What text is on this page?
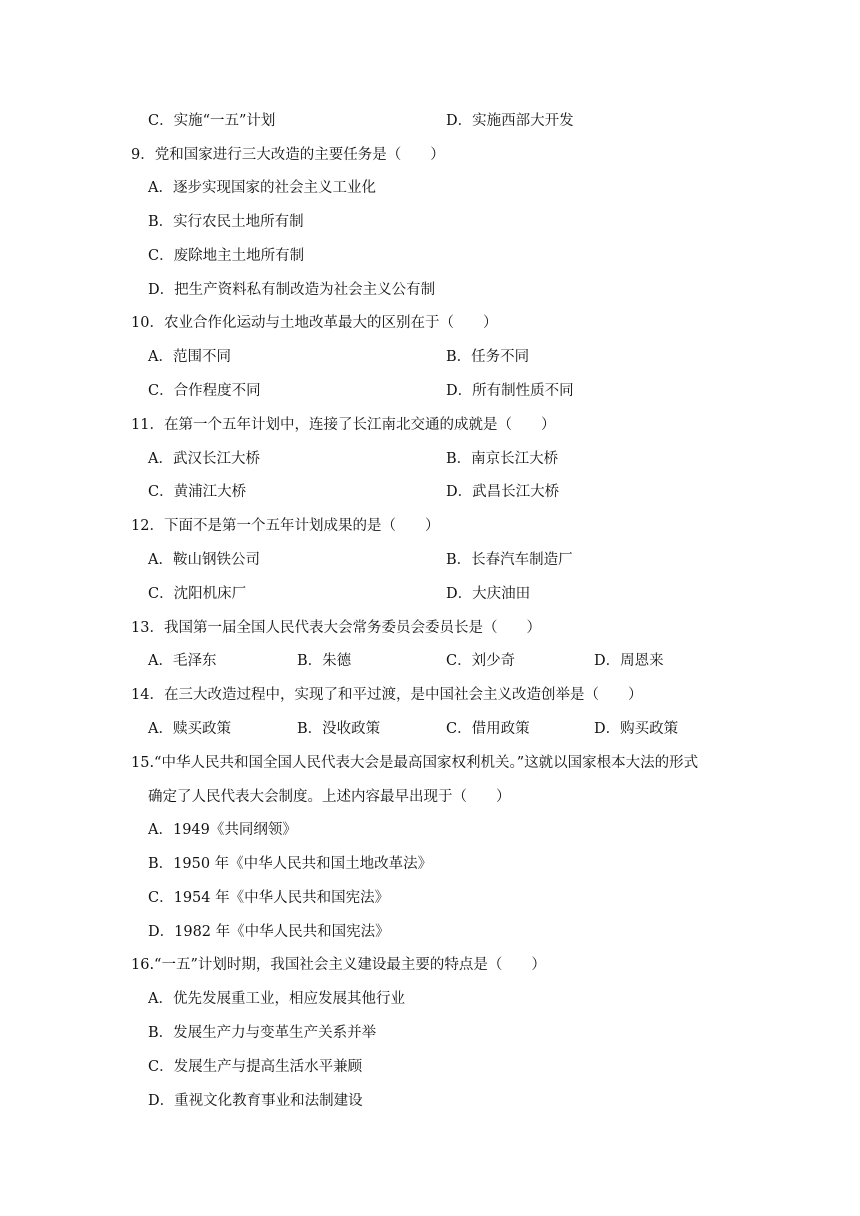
C．实施“一五”计划	D．实施西部大开发
9．党和国家进行三大改造的主要任务是（　　）
A．逐步实现国家的社会主义工业化
B．实行农民土地所有制
C．废除地主土地所有制
D．把生产资料私有制改造为社会主义公有制
10．农业合作化运动与土地改革最大的区别在于（　　）
A．范围不同	B．任务不同
C．合作程度不同	D．所有制性质不同
11．在第一个五年计划中，连接了长江南北交通的成就是（　　）
A．武汉长江大桥	B．南京长江大桥
C．黄浦江大桥	D．武昌长江大桥
12．下面不是第一个五年计划成果的是（　　）
A．鞍山钢铁公司	B．长春汽车制造厂
C．沈阳机床厂	D．大庆油田
13．我国第一届全国人民代表大会常务委员会委员长是（　　）
A．毛泽东	B．朱德	C．刘少奇	D．周恩来
14．在三大改造过程中，实现了和平过渡，是中国社会主义改造创举是（　　）
A．赎买政策	B．没收政策	C．借用政策	D．购买政策
15.“中华人民共和国全国人民代表大会是最高国家权利机关。”这就以国家根本大法的形式
确定了人民代表大会制度。上述内容最早出现于（　　）
A．1949《共同纲领》
B．1950 年《中华人民共和国土地改革法》
C．1954 年《中华人民共和国宪法》
D．1982 年《中华人民共和国宪法》
16.“一五”计划时期，我国社会主义建设最主要的特点是（　　）
A．优先发展重工业，相应发展其他行业
B．发展生产力与变革生产关系并举
C．发展生产与提高生活水平兼顾
D．重视文化教育事业和法制建设
